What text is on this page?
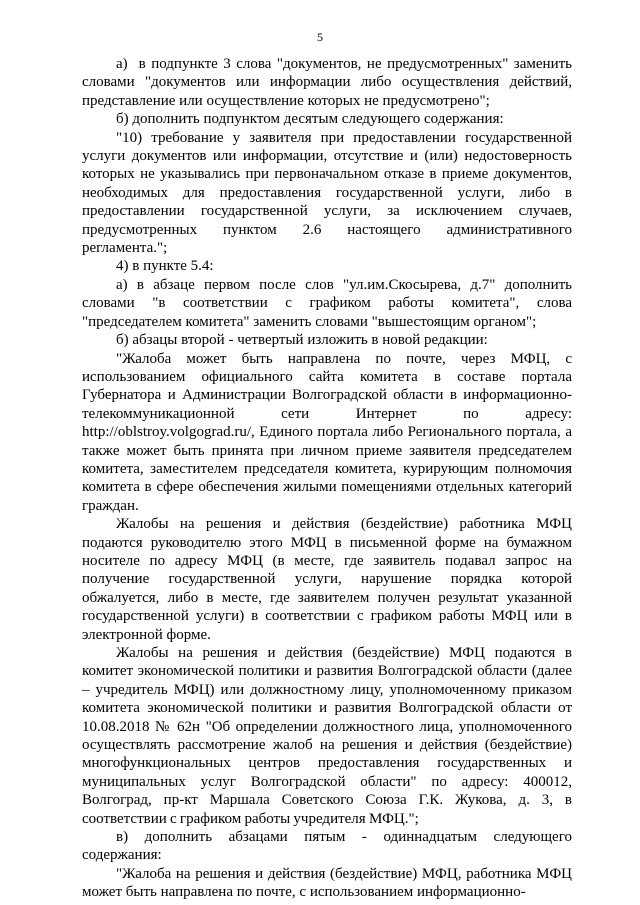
5

а)  в подпункте 3 слова "документов, не предусмотренных" заменить словами "документов или информации либо осуществления действий, представление или осуществление которых не предусмотрено";

б) дополнить подпунктом десятым следующего содержания:

"10) требование у заявителя при предоставлении государственной услуги документов или информации, отсутствие и (или) недостоверность которых не указывались при первоначальном отказе в приеме документов, необходимых для предоставления государственной услуги, либо в предоставлении государственной услуги, за исключением случаев, предусмотренных пунктом 2.6 настоящего административного регламента.";

4) в пункте 5.4:

а) в абзаце первом после слов "ул.им.Скосырева, д.7" дополнить словами "в соответствии с графиком работы комитета", слова "председателем комитета" заменить словами "вышестоящим органом";

б) абзацы второй - четвертый изложить в новой редакции:

"Жалоба может быть направлена по почте, через МФЦ, с использованием официального сайта комитета в составе портала Губернатора и Администрации Волгоградской области в информационно-телекоммуникационной сети Интернет по адресу: http://oblstroy.volgograd.ru/, Единого портала либо Регионального портала, а также может быть принята при личном приеме заявителя председателем комитета, заместителем председателя комитета, курирующим полномочия комитета в сфере обеспечения жилыми помещениями отдельных категорий граждан.

Жалобы на решения и действия (бездействие) работника МФЦ подаются руководителю этого МФЦ в письменной форме на бумажном носителе по адресу МФЦ (в месте, где заявитель подавал запрос на получение государственной услуги, нарушение порядка которой обжалуется, либо в месте, где заявителем получен результат указанной государственной услуги) в соответствии с графиком работы МФЦ или в электронной форме.

Жалобы на решения и действия (бездействие) МФЦ подаются в комитет экономической политики и развития Волгоградской области (далее – учредитель МФЦ) или должностному лицу, уполномоченному приказом комитета экономической политики и развития Волгоградской области от 10.08.2018 № 62н "Об определении должностного лица, уполномоченного осуществлять рассмотрение жалоб на решения и действия (бездействие) многофункциональных центров предоставления государственных и муниципальных услуг Волгоградской области" по адресу: 400012, Волгоград, пр-кт Маршала Советского Союза Г.К. Жукова, д. 3, в соответствии с графиком работы учредителя МФЦ.";

в) дополнить абзацами пятым - одиннадцатым следующего содержания:

"Жалоба на решения и действия (бездействие) МФЦ, работника МФЦ может быть направлена по почте, с использованием информационно-
